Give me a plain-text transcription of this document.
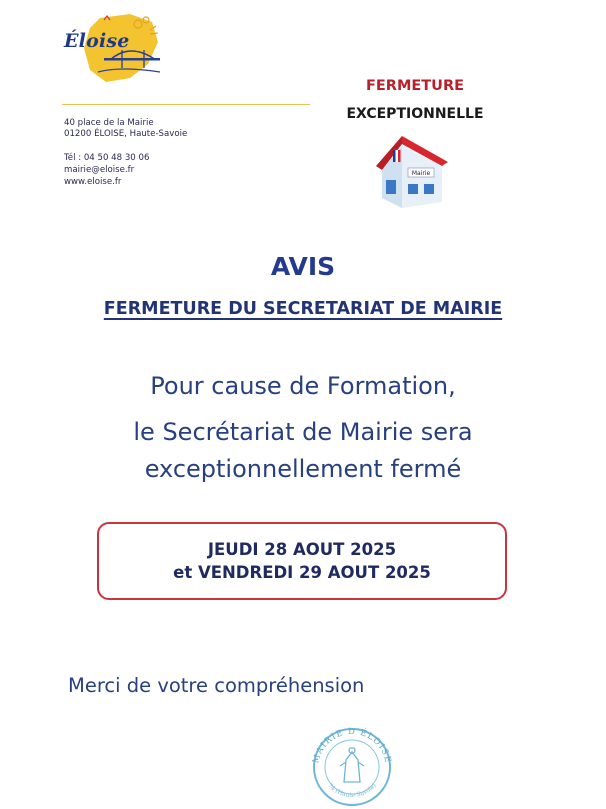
Éloise
40 place de la Mairie
01200 ÉLOISE, Haute-Savoie
Tél : 04 50 48 30 06
mairie@eloise.fr
www.eloise.fr
FERMETURE
EXCEPTIONNELLE
Mairie
AVIS
FERMETURE DU SECRETARIAT DE MAIRIE
Pour cause de Formation,
le Secrétariat de Mairie sera
exceptionnellement fermé
JEUDI 28 AOUT 2025
et VENDREDI 29 AOUT 2025
Merci de votre compréhension
MAIRIE D'ÉLOISE
74 (Haute-Savoie)
